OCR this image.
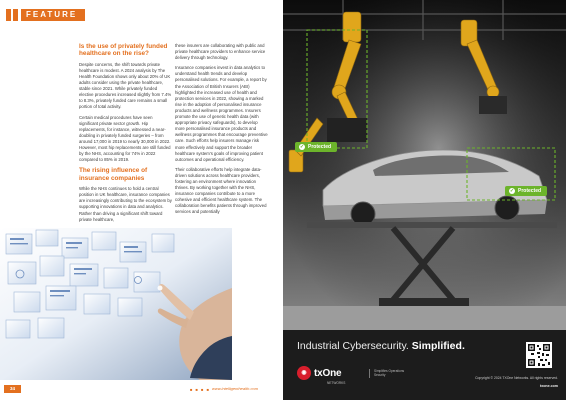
FEATURE
Is the use of privately funded healthcare on the rise?

Despite concerns, the shift towards private healthcare is modest. A 2024 analysis by The Health Foundation shows only about 20% of UK adults consider using the private healthcare, stable since 2021. While privately funded elective procedures increased slightly from 7.4% to 8.3%, privately funded care remains a small portion of total activity.

Certain medical procedures have seen significant private sector growth. Hip replacements, for instance, witnessed a near-doubling in privately funded surgeries – from around 17,000 in 2019 to nearly 30,000 in 2022. However, most hip replacements are still funded by the NHS, accounting for 74% in 2022 compared to 85% in 2019.

The rising influence of insurance companies

While the NHS continues to hold a central position in UK healthcare, insurance companies are increasingly contributing to the ecosystem by supporting innovations in data and analytics. Rather than driving a significant shift toward private healthcare,

these insurers are collaborating with public and private healthcare providers to enhance service delivery through technology.

Insurance companies invest in data analytics to understand health trends and develop personalised solutions. For example, a report by the Association of British Insurers (ABI) highlighted the increased use of health and protection services in 2022, showing a marked rise in the adoption of personalised insurance products and wellness programmes. Insurers promote the use of genetic health data (with appropriate privacy safeguards), to develop more personalised insurance products and wellness programmes that encourage preventive care. Such efforts help insurers manage risk more effectively and support the broader healthcare system's goals of improving patient outcomes and operational efficiency.

Their collaborative efforts help integrate data-driven solutions across healthcare providers, fostering an environment where innovation thrives. By working together with the NHS, insurance companies contribute to a more cohesive and efficient healthcare system. The collaboration benefits patients through improved services and potentially

34	■ ■ ■ ■ www.intelligenthealth.com
✓ Protected
✓ Protected
Industrial Cybersecurity. Simplified.
◉ txOne
NETWORKS
Simplifies Operations Security
Copyright © 2024 TXOne Networks. All rights reserved.
txone.com
